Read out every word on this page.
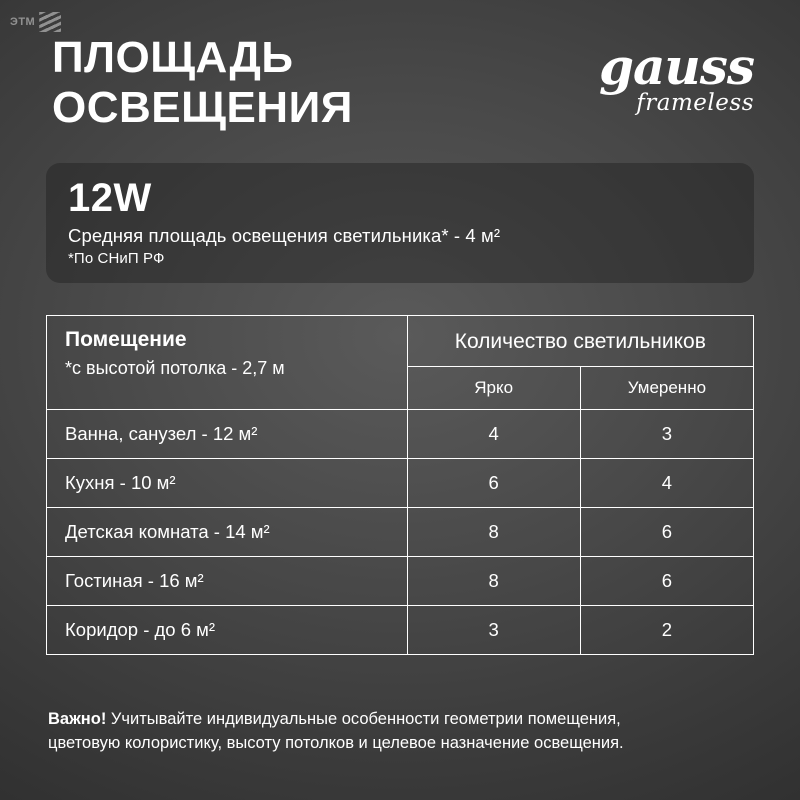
ЭТМ
ПЛОЩАДЬ
ОСВЕЩЕНИЯ
gauss
frameless
12W
Средняя площадь освещения светильника* - 4 м²
*По СНиП РФ
Помещение
*с высотой потолка - 2,7 м	Количество светильников	
	Ярко	Умеренно
Ванна, санузел - 12 м²	4	3
Кухня - 10 м²	6	4
Детская комната - 14 м²	8	6
Гостиная - 16 м²	8	6
Коридор - до 6 м²	3	2
Важно! Учитывайте индивидуальные особенности геометрии помещения,
цветовую колористику, высоту потолков и целевое назначение освещения.
